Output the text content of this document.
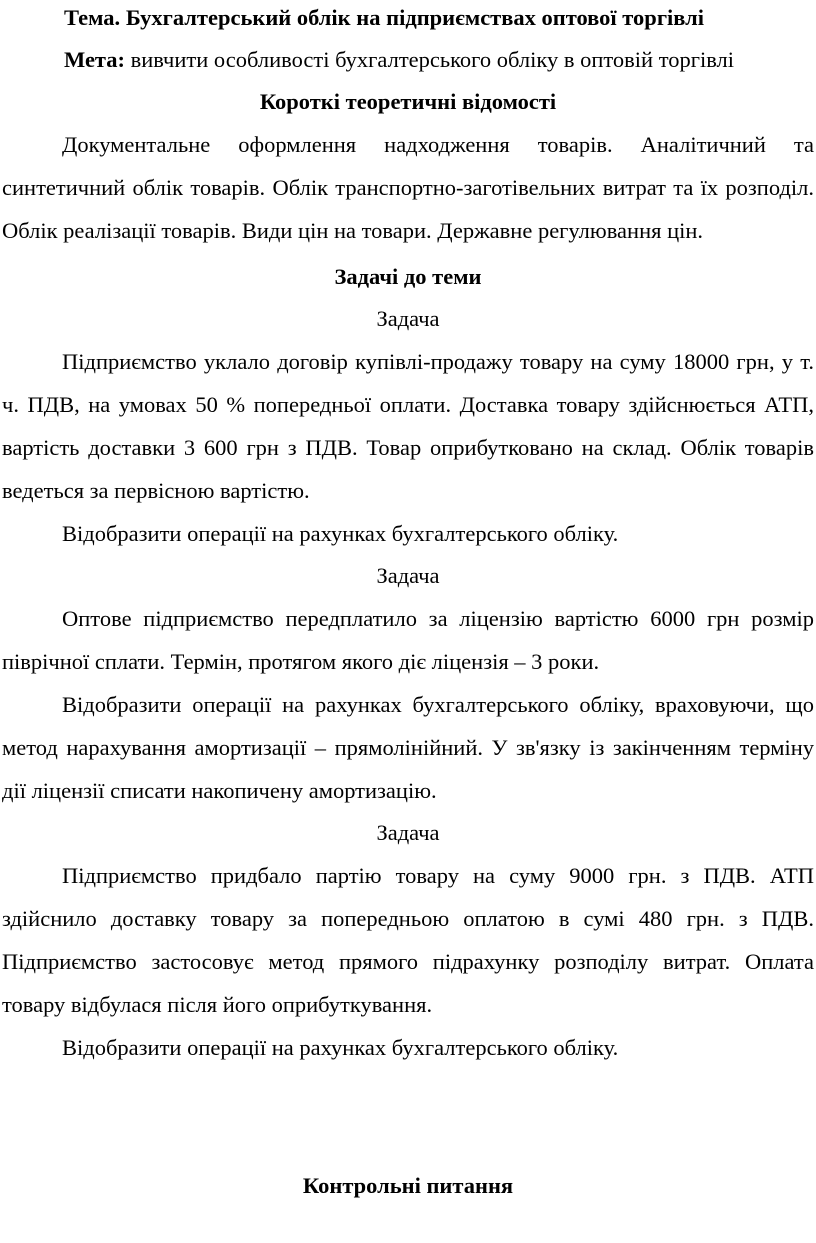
Тема. Бухгалтерський облік на підприємствах оптової торгівлі
Мета: вивчити особливості бухгалтерського обліку в оптовій торгівлі
Короткі теоретичні відомості
Документальне оформлення надходження товарів. Аналітичний та синтетичний облік товарів. Облік транспортно-заготівельних витрат та їх розподіл. Облік реалізації товарів. Види цін на товари. Державне регулювання цін.
Задачі до теми
Задача
Підприємство уклало договір купівлі-продажу товару на суму 18000 грн, у т. ч. ПДВ, на умовах 50 % попередньої оплати. Доставка товару здійснюється АТП, вартість доставки 3 600 грн з ПДВ. Товар оприбутковано на склад. Облік товарів ведеться за первісною вартістю.
Відобразити операції на рахунках бухгалтерського обліку.
Задача
Оптове підприємство передплатило за ліцензію вартістю 6000 грн розмір піврічної сплати. Термін, протягом якого діє ліцензія – 3 роки.
Відобразити операції на рахунках бухгалтерського обліку, враховуючи, що метод нарахування амортизації – прямолінійний. У зв'язку із закінченням терміну дії ліцензії списати накопичену амортизацію.
Задача
Підприємство придбало партію товару на суму 9000 грн. з ПДВ. АТП здійснило доставку товару за попередньою оплатою в сумі 480 грн. з ПДВ. Підприємство застосовує метод прямого підрахунку розподілу витрат. Оплата товару відбулася після його оприбуткування.
Відобразити операції на рахунках бухгалтерського обліку.
Контрольні питання
